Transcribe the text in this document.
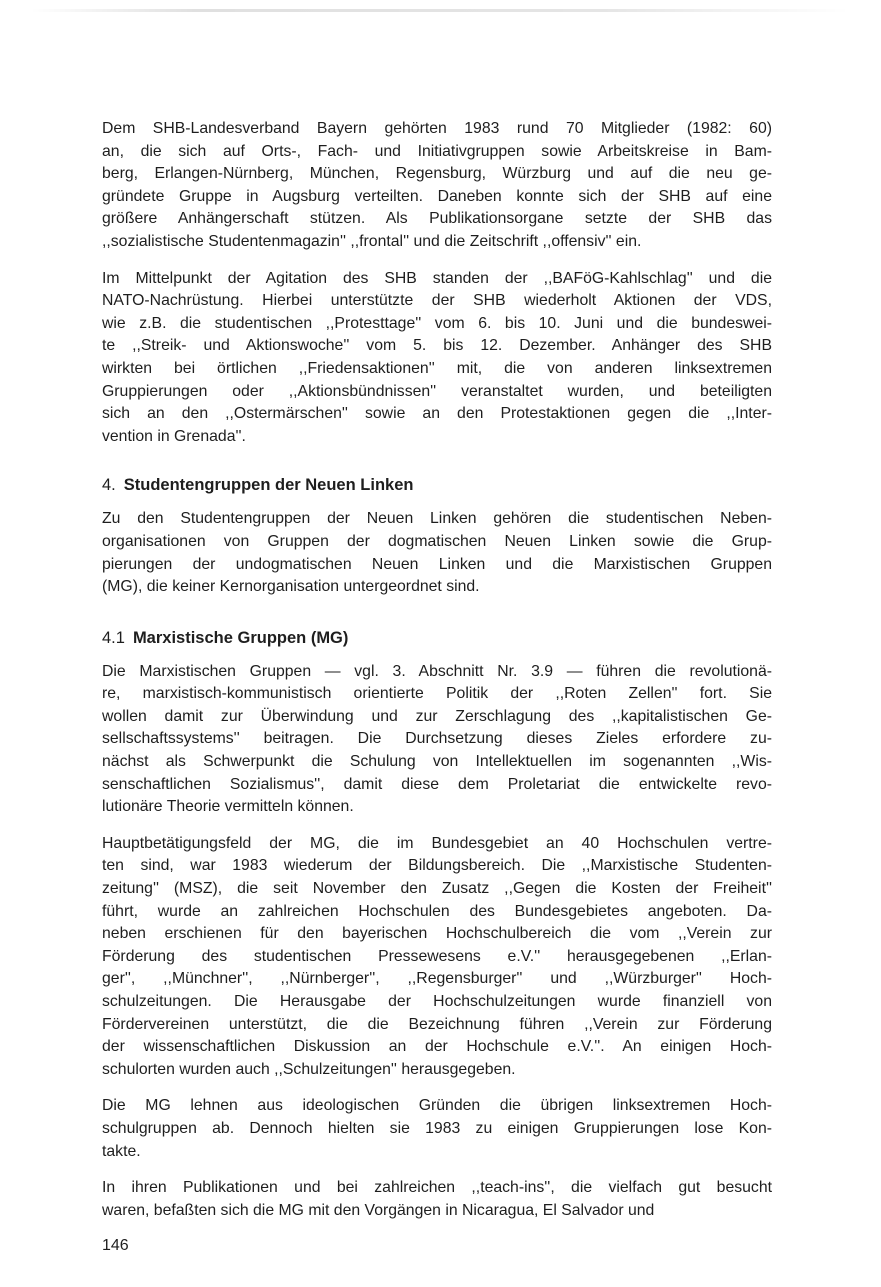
Dem SHB-Landesverband Bayern gehörten 1983 rund 70 Mitglieder (1982: 60)
an, die sich auf Orts-, Fach- und Initiativgruppen sowie Arbeitskreise in Bam-
berg, Erlangen-Nürnberg, München, Regensburg, Würzburg und auf die neu ge-
gründete Gruppe in Augsburg verteilten. Daneben konnte sich der SHB auf eine
größere Anhängerschaft stützen. Als Publikationsorgane setzte der SHB das
,,sozialistische Studentenmagazin'' ,,frontal'' und die Zeitschrift ,,offensiv'' ein.
Im Mittelpunkt der Agitation des SHB standen der ,,BAFöG-Kahlschlag'' und die
NATO-Nachrüstung. Hierbei unterstützte der SHB wiederholt Aktionen der VDS,
wie z.B. die studentischen ,,Protesttage'' vom 6. bis 10. Juni und die bundeswei-
te ,,Streik- und Aktionswoche'' vom 5. bis 12. Dezember. Anhänger des SHB
wirkten bei örtlichen ,,Friedensaktionen'' mit, die von anderen linksextremen
Gruppierungen oder ,,Aktionsbündnissen'' veranstaltet wurden, und beteiligten
sich an den ,,Ostermärschen'' sowie an den Protestaktionen gegen die ,,Inter-
vention in Grenada''.
4. Studentengruppen der Neuen Linken
Zu den Studentengruppen der Neuen Linken gehören die studentischen Neben-
organisationen von Gruppen der dogmatischen Neuen Linken sowie die Grup-
pierungen der undogmatischen Neuen Linken und die Marxistischen Gruppen
(MG), die keiner Kernorganisation untergeordnet sind.
4.1 Marxistische Gruppen (MG)
Die Marxistischen Gruppen — vgl. 3. Abschnitt Nr. 3.9 — führen die revolutionä-
re, marxistisch-kommunistisch orientierte Politik der ,,Roten Zellen'' fort. Sie
wollen damit zur Überwindung und zur Zerschlagung des ,,kapitalistischen Ge-
sellschaftssystems'' beitragen. Die Durchsetzung dieses Zieles erfordere zu-
nächst als Schwerpunkt die Schulung von Intellektuellen im sogenannten ,,Wis-
senschaftlichen Sozialismus'', damit diese dem Proletariat die entwickelte revo-
lutionäre Theorie vermitteln können.
Hauptbetätigungsfeld der MG, die im Bundesgebiet an 40 Hochschulen vertre-
ten sind, war 1983 wiederum der Bildungsbereich. Die ,,Marxistische Studenten-
zeitung'' (MSZ), die seit November den Zusatz ,,Gegen die Kosten der Freiheit''
führt, wurde an zahlreichen Hochschulen des Bundesgebietes angeboten. Da-
neben erschienen für den bayerischen Hochschulbereich die vom ,,Verein zur
Förderung des studentischen Pressewesens e.V.'' herausgegebenen ,,Erlan-
ger'', ,,Münchner'', ,,Nürnberger'', ,,Regensburger'' und ,,Würzburger'' Hoch-
schulzeitungen. Die Herausgabe der Hochschulzeitungen wurde finanziell von
Fördervereinen unterstützt, die die Bezeichnung führen ,,Verein zur Förderung
der wissenschaftlichen Diskussion an der Hochschule e.V.''. An einigen Hoch-
schulorten wurden auch ,,Schulzeitungen'' herausgegeben.
Die MG lehnen aus ideologischen Gründen die übrigen linksextremen Hoch-
schulgruppen ab. Dennoch hielten sie 1983 zu einigen Gruppierungen lose Kon-
takte.
In ihren Publikationen und bei zahlreichen ,,teach-ins'', die vielfach gut besucht
waren, befaßten sich die MG mit den Vorgängen in Nicaragua, El Salvador und
146
